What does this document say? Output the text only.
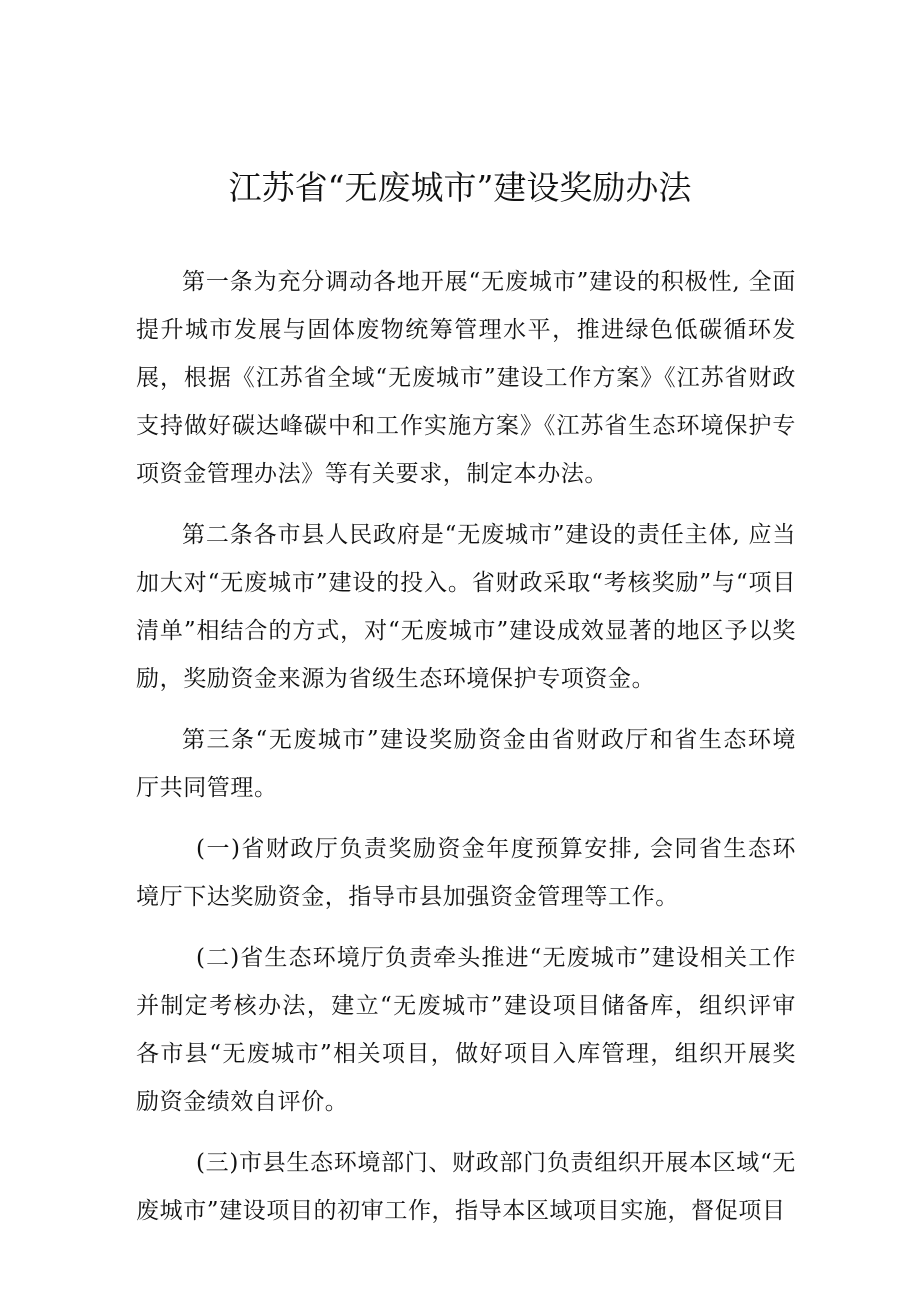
江苏省“无废城市”建设奖励办法

第一条为充分调动各地开展“无废城市”建设的积极性, 全面提升城市发展与固体废物统筹管理水平，推进绿色低碳循环发展，根据《江苏省全域“无废城市”建设工作方案》《江苏省财政支持做好碳达峰碳中和工作实施方案》《江苏省生态环境保护专项资金管理办法》等有关要求，制定本办法。

第二条各市县人民政府是“无废城市”建设的责任主体, 应当加大对“无废城市”建设的投入。省财政采取“考核奖励”与“项目清单”相结合的方式，对“无废城市”建设成效显著的地区予以奖励，奖励资金来源为省级生态环境保护专项资金。

第三条“无废城市”建设奖励资金由省财政厅和省生态环境厅共同管理。

(一)省财政厅负责奖励资金年度预算安排, 会同省生态环境厅下达奖励资金，指导市县加强资金管理等工作。

(二)省生态环境厅负责牵头推进“无废城市”建设相关工作并制定考核办法，建立“无废城市”建设项目储备库，组织评审各市县“无废城市”相关项目，做好项目入库管理，组织开展奖励资金绩效自评价。

(三)市县生态环境部门、财政部门负责组织开展本区域“无废城市”建设项目的初审工作，指导本区域项目实施，督促项目
